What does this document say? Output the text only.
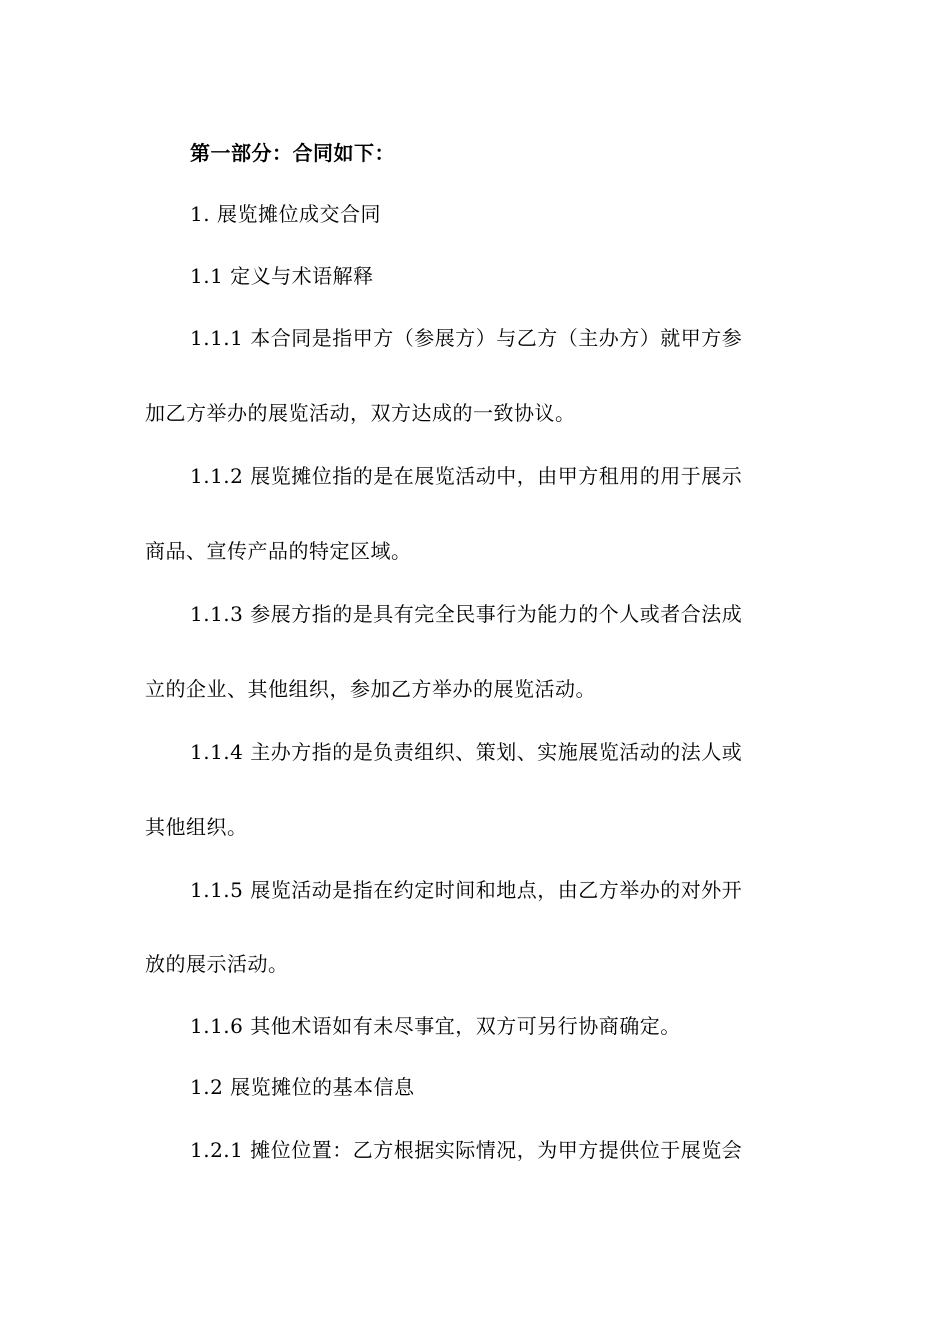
第一部分：合同如下：
1. 展览摊位成交合同
1.1 定义与术语解释
1.1.1 本合同是指甲方（参展方）与乙方（主办方）就甲方参
加乙方举办的展览活动，双方达成的一致协议。
1.1.2 展览摊位指的是在展览活动中，由甲方租用的用于展示
商品、宣传产品的特定区域。
1.1.3 参展方指的是具有完全民事行为能力的个人或者合法成
立的企业、其他组织，参加乙方举办的展览活动。
1.1.4 主办方指的是负责组织、策划、实施展览活动的法人或
其他组织。
1.1.5 展览活动是指在约定时间和地点，由乙方举办的对外开
放的展示活动。
1.1.6 其他术语如有未尽事宜，双方可另行协商确定。
1.2 展览摊位的基本信息
1.2.1 摊位位置：乙方根据实际情况，为甲方提供位于展览会
